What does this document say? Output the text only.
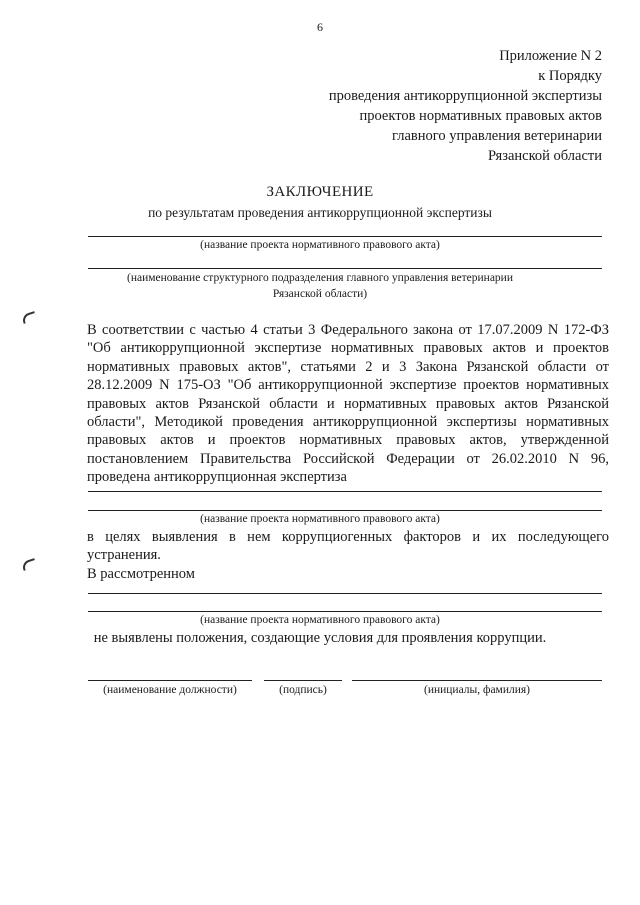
6
Приложение N 2
к Порядку
проведения антикоррупционной экспертизы
проектов нормативных правовых актов
главного управления ветеринарии
Рязанской области
ЗАКЛЮЧЕНИЕ
по результатам проведения антикоррупционной экспертизы
(название проекта нормативного правового акта)
(наименование структурного подразделения главного управления ветеринарии
Рязанской области)
В соответствии с частью 4 статьи 3 Федерального закона от 17.07.2009 N 172-ФЗ "Об антикоррупционной экспертизе нормативных правовых актов и проектов нормативных правовых актов", статьями 2 и 3 Закона Рязанской области от 28.12.2009 N 175-ОЗ "Об антикоррупционной экспертизе проектов нормативных правовых актов Рязанской области и нормативных правовых актов Рязанской области", Методикой проведения антикоррупционной экспертизы нормативных правовых актов и проектов нормативных правовых актов, утвержденной постановлением Правительства Российской Федерации от 26.02.2010 N 96, проведена антикоррупционная экспертиза
(название проекта нормативного правового акта)
в целях выявления в нем коррупциогенных факторов и их последующего устранения.
В рассмотренном
(название проекта нормативного правового акта)
не выявлены положения, создающие условия для проявления коррупции.
(наименование должности)	(подпись)	(инициалы, фамилия)
